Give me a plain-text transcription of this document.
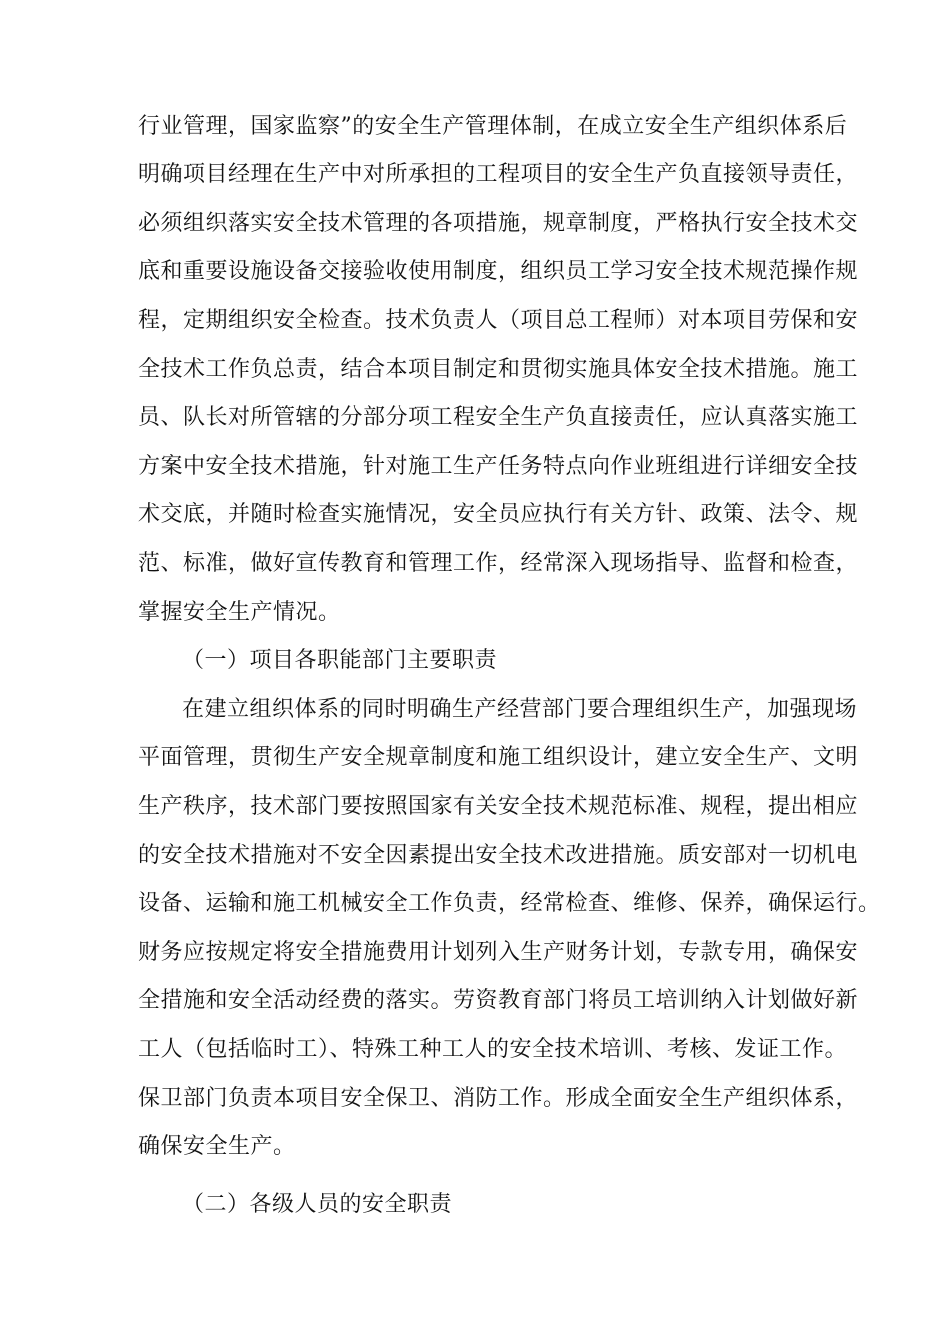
行业管理，国家监察”的安全生产管理体制，在成立安全生产组织体系后
明确项目经理在生产中对所承担的工程项目的安全生产负直接领导责任，
必须组织落实安全技术管理的各项措施，规章制度，严格执行安全技术交
底和重要设施设备交接验收使用制度，组织员工学习安全技术规范操作规
程，定期组织安全检查。技术负责人（项目总工程师）对本项目劳保和安
全技术工作负总责，结合本项目制定和贯彻实施具体安全技术措施。施工
员、队长对所管辖的分部分项工程安全生产负直接责任，应认真落实施工
方案中安全技术措施，针对施工生产任务特点向作业班组进行详细安全技
术交底，并随时检查实施情况，安全员应执行有关方针、政策、法令、规
范、标准，做好宣传教育和管理工作，经常深入现场指导、监督和检查，
掌握安全生产情况。
（一）项目各职能部门主要职责
在建立组织体系的同时明确生产经营部门要合理组织生产，加强现场
平面管理，贯彻生产安全规章制度和施工组织设计，建立安全生产、文明
生产秩序，技术部门要按照国家有关安全技术规范标准、规程，提出相应
的安全技术措施对不安全因素提出安全技术改进措施。质安部对一切机电
设备、运输和施工机械安全工作负责，经常检查、维修、保养，确保运行。
财务应按规定将安全措施费用计划列入生产财务计划，专款专用，确保安
全措施和安全活动经费的落实。劳资教育部门将员工培训纳入计划做好新
工人（包括临时工）、特殊工种工人的安全技术培训、考核、发证工作。
保卫部门负责本项目安全保卫、消防工作。形成全面安全生产组织体系，
确保安全生产。
（二）各级人员的安全职责
